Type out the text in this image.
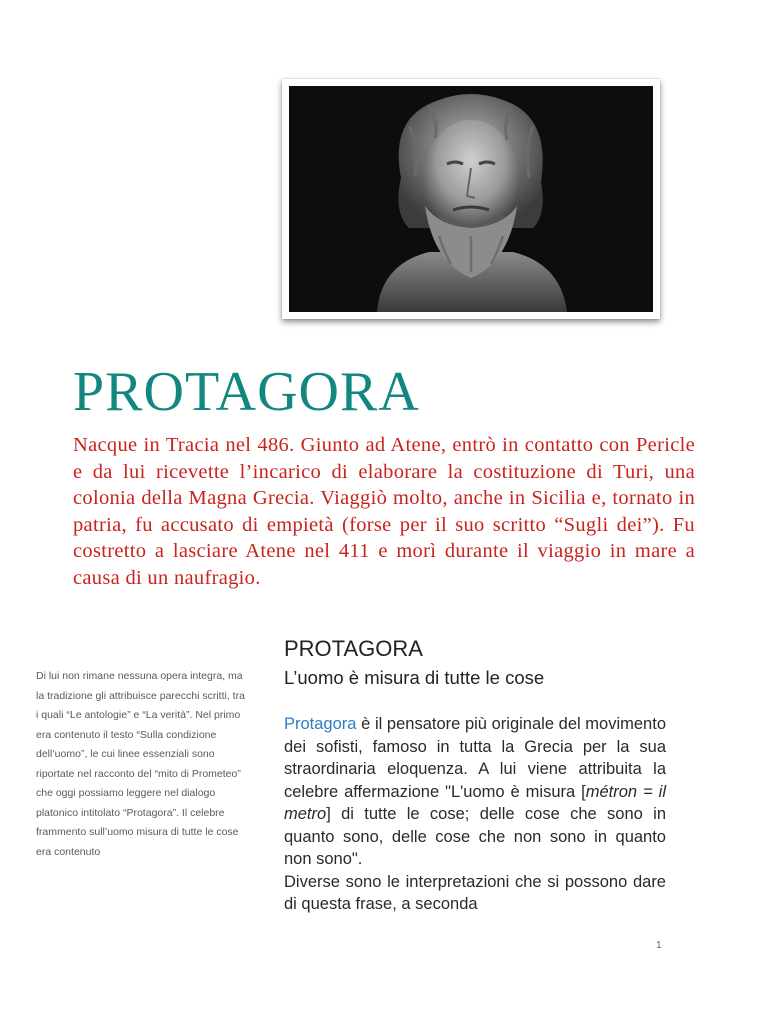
PROTAGORA

Nacque in Tracia nel 486. Giunto ad Atene, entrò in contatto con Pericle e da lui ricevette l’incarico di elaborare la costituzione di Turi, una colonia della Magna Grecia. Viaggiò molto, anche in Sicilia e, tornato in patria, fu accusato di empietà (forse per il suo scritto “Sugli dei”). Fu costretto a lasciare Atene nel 411 e morì durante il viaggio in mare a causa di un naufragio.

Di lui non rimane nessuna opera integra, ma la tradizione gli attribuisce parecchi scritti, tra i quali “Le antologie” e “La verità”. Nel primo era contenuto il testo “Sulla condizione dell’uomo”, le cui linee essenziali sono riportate nel racconto del “mito di Prometeo” che oggi possiamo leggere nel dialogo platonico intitolato “Protagora”. Il celebre frammento sull’uomo misura di tutte le cose era contenuto

PROTAGORA
L’uomo è misura di tutte le cose

Protagora è il pensatore più originale del movimento dei sofisti, famoso in tutta la Grecia per la sua straordinaria eloquenza. A lui viene attribuita la celebre affermazione "L'uomo è misura [métron = il metro] di tutte le cose; delle cose che sono in quanto sono, delle cose che non sono in quanto non sono".

Diverse sono le interpretazioni che si possono dare di questa frase, a seconda

1
